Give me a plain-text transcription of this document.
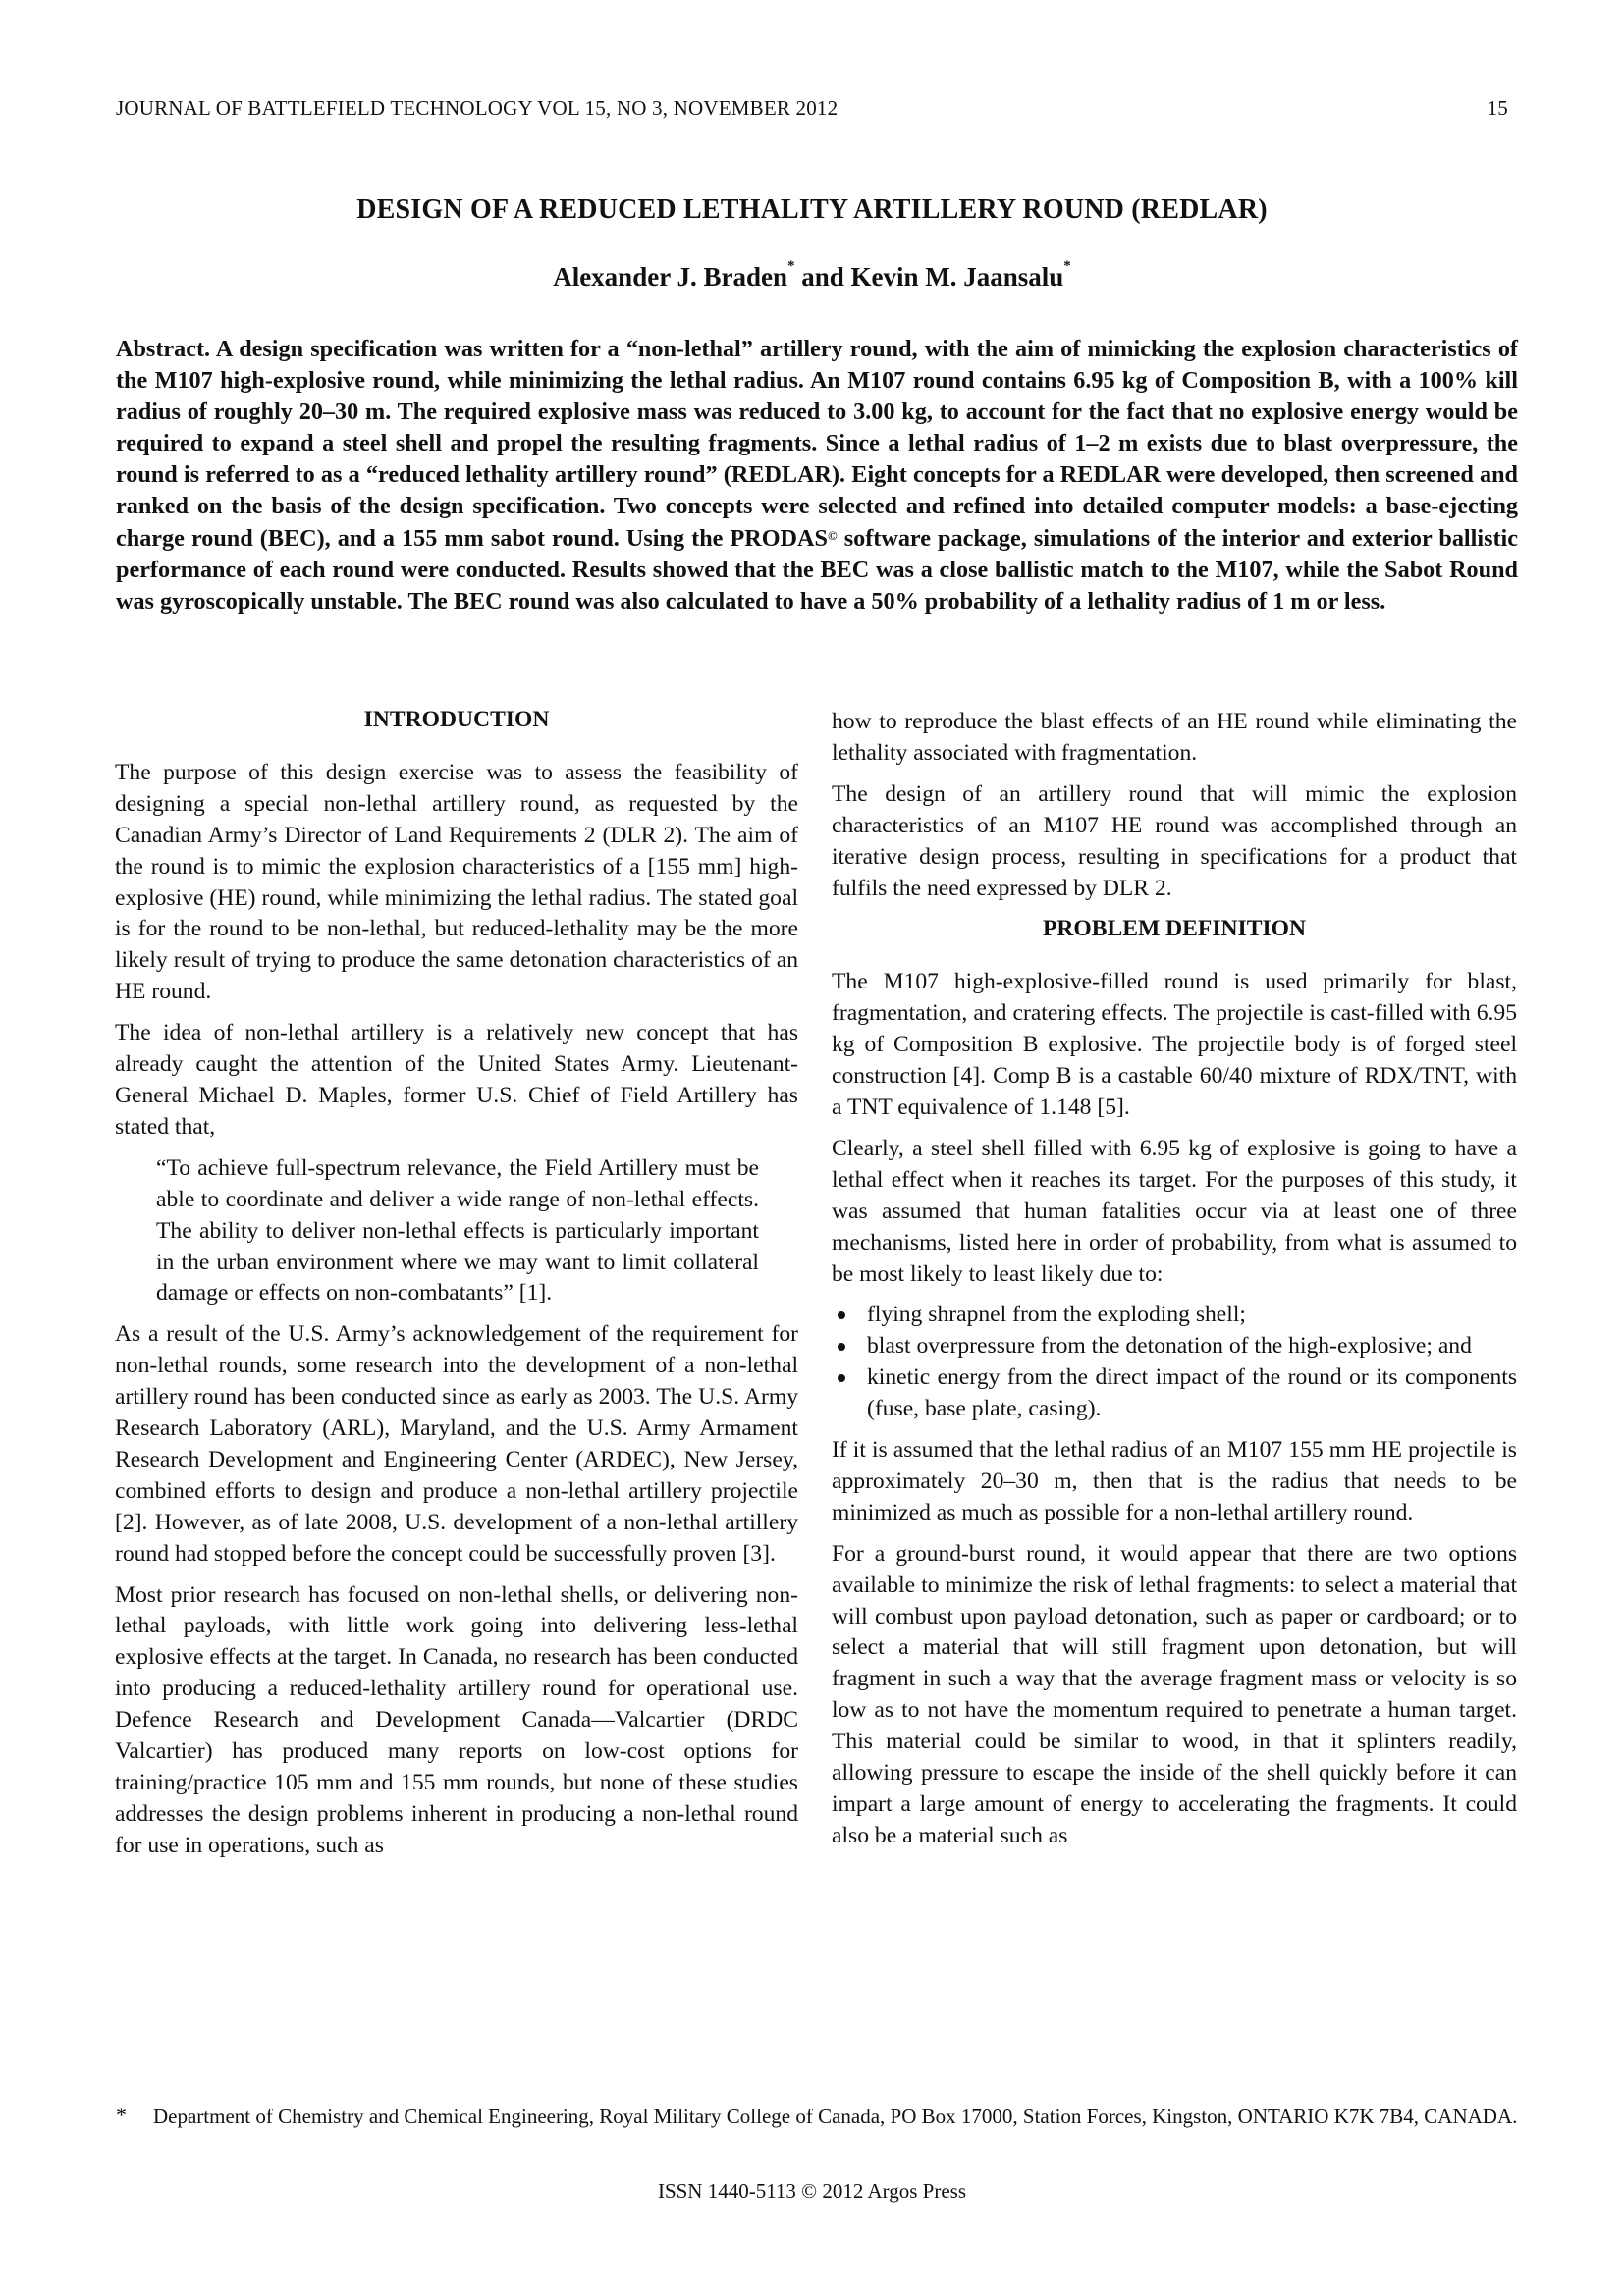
JOURNAL OF BATTLEFIELD TECHNOLOGY VOL 15, NO 3, NOVEMBER 2012	15
DESIGN OF A REDUCED LETHALITY ARTILLERY ROUND (REDLAR)
Alexander J. Braden* and Kevin M. Jaansalu*

Abstract. A design specification was written for a “non-lethal” artillery round, with the aim of mimicking the explosion characteristics of the M107 high-explosive round, while minimizing the lethal radius. An M107 round contains 6.95 kg of Composition B, with a 100% kill radius of roughly 20–30 m. The required explosive mass was reduced to 3.00 kg, to account for the fact that no explosive energy would be required to expand a steel shell and propel the resulting fragments. Since a lethal radius of 1–2 m exists due to blast overpressure, the round is referred to as a “reduced lethality artillery round” (REDLAR). Eight concepts for a REDLAR were developed, then screened and ranked on the basis of the design specification. Two concepts were selected and refined into detailed computer models: a base-ejecting charge round (BEC), and a 155 mm sabot round. Using the PRODAS© software package, simulations of the interior and exterior ballistic performance of each round were conducted. Results showed that the BEC was a close ballistic match to the M107, while the Sabot Round was gyroscopically unstable. The BEC round was also calculated to have a 50% probability of a lethality radius of 1 m or less.

INTRODUCTION

The purpose of this design exercise was to assess the feasibility of designing a special non-lethal artillery round, as requested by the Canadian Army’s Director of Land Requirements 2 (DLR 2). The aim of the round is to mimic the explosion characteristics of a [155 mm] high-explosive (HE) round, while minimizing the lethal radius. The stated goal is for the round to be non-lethal, but reduced-lethality may be the more likely result of trying to produce the same detonation characteristics of an HE round.

The idea of non-lethal artillery is a relatively new concept that has already caught the attention of the United States Army. Lieutenant-General Michael D. Maples, former U.S. Chief of Field Artillery has stated that,

“To achieve full-spectrum relevance, the Field Artillery must be able to coordinate and deliver a wide range of non-lethal effects. The ability to deliver non-lethal effects is particularly important in the urban environment where we may want to limit collateral damage or effects on non-combatants” [1].

As a result of the U.S. Army’s acknowledgement of the requirement for non-lethal rounds, some research into the development of a non-lethal artillery round has been conducted since as early as 2003. The U.S. Army Research Laboratory (ARL), Maryland, and the U.S. Army Armament Research Development and Engineering Center (ARDEC), New Jersey, combined efforts to design and produce a non-lethal artillery projectile [2]. However, as of late 2008, U.S. development of a non-lethal artillery round had stopped before the concept could be successfully proven [3].

Most prior research has focused on non-lethal shells, or delivering non-lethal payloads, with little work going into delivering less-lethal explosive effects at the target. In Canada, no research has been conducted into producing a reduced-lethality artillery round for operational use. Defence Research and Development Canada—Valcartier (DRDC Valcartier) has produced many reports on low-cost options for training/practice 105 mm and 155 mm rounds, but none of these studies addresses the design problems inherent in producing a non-lethal round for use in operations, such as

how to reproduce the blast effects of an HE round while eliminating the lethality associated with fragmentation.

The design of an artillery round that will mimic the explosion characteristics of an M107 HE round was accomplished through an iterative design process, resulting in specifications for a product that fulfils the need expressed by DLR 2.

PROBLEM DEFINITION

The M107 high-explosive-filled round is used primarily for blast, fragmentation, and cratering effects. The projectile is cast-filled with 6.95 kg of Composition B explosive. The projectile body is of forged steel construction [4]. Comp B is a castable 60/40 mixture of RDX/TNT, with a TNT equivalence of 1.148 [5].

Clearly, a steel shell filled with 6.95 kg of explosive is going to have a lethal effect when it reaches its target. For the purposes of this study, it was assumed that human fatalities occur via at least one of three mechanisms, listed here in order of probability, from what is assumed to be most likely to least likely due to:

flying shrapnel from the exploding shell;
blast overpressure from the detonation of the high-explosive; and
kinetic energy from the direct impact of the round or its components (fuse, base plate, casing).

If it is assumed that the lethal radius of an M107 155 mm HE projectile is approximately 20–30 m, then that is the radius that needs to be minimized as much as possible for a non-lethal artillery round.

For a ground-burst round, it would appear that there are two options available to minimize the risk of lethal fragments: to select a material that will combust upon payload detonation, such as paper or cardboard; or to select a material that will still fragment upon detonation, but will fragment in such a way that the average fragment mass or velocity is so low as to not have the momentum required to penetrate a human target. This material could be similar to wood, in that it splinters readily, allowing pressure to escape the inside of the shell quickly before it can impart a large amount of energy to accelerating the fragments. It could also be a material such as

* Department of Chemistry and Chemical Engineering, Royal Military College of Canada, PO Box 17000, Station Forces, Kingston, ONTARIO K7K 7B4, CANADA.
ISSN 1440-5113 © 2012 Argos Press
